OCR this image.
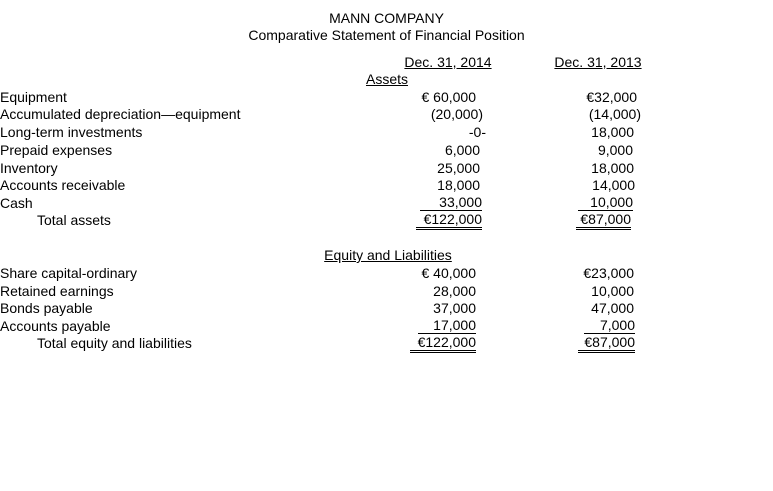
MANN COMPANY
Comparative Statement of Financial Position
Dec. 31, 2014	Dec. 31, 2013
Assets
Equipment	€ 60,000	€32,000
Accumulated depreciation—equipment	(20,000)	(14,000)
Long-term investments	-0-	18,000
Prepaid expenses	6,000	9,000
Inventory	25,000	18,000
Accounts receivable	18,000	14,000
Cash	33,000	10,000
Total assets	€122,000	€87,000
Equity and Liabilities
Share capital-ordinary	€ 40,000	€23,000
Retained earnings	28,000	10,000
Bonds payable	37,000	47,000
Accounts payable	17,000	7,000
Total equity and liabilities	€122,000	€87,000
